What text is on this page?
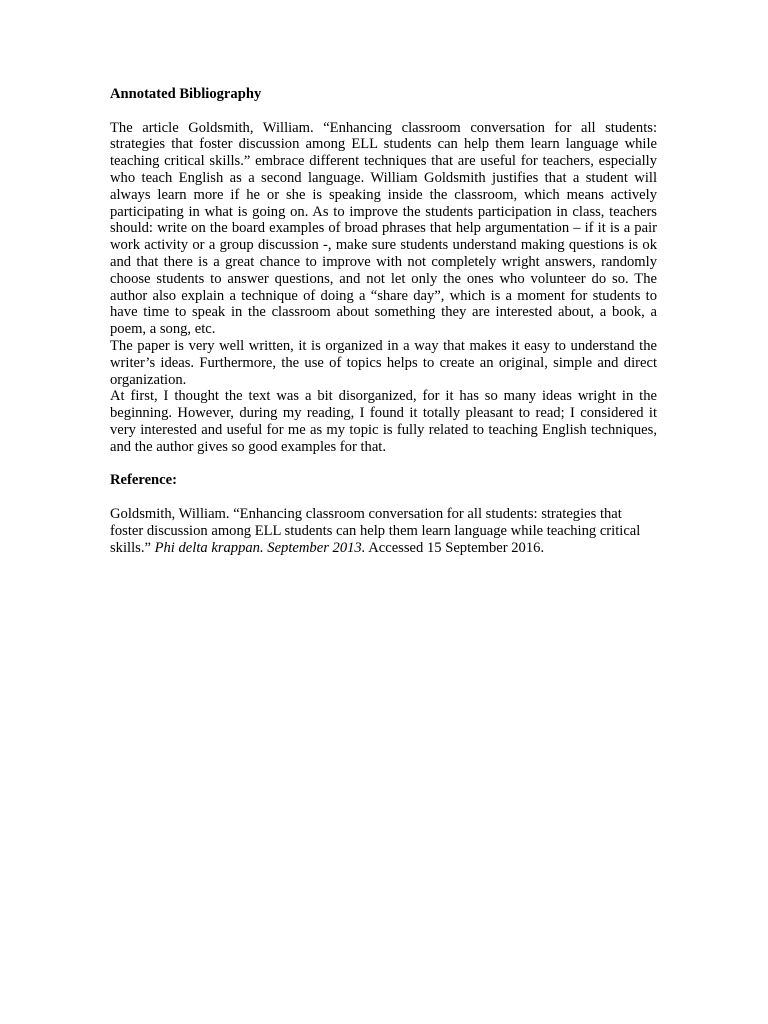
Annotated Bibliography

The article Goldsmith, William. “Enhancing classroom conversation for all students: strategies that foster discussion among ELL students can help them learn language while teaching critical skills.” embrace different techniques that are useful for teachers, especially who teach English as a second language. William Goldsmith justifies that a student will always learn more if he or she is speaking inside the classroom, which means actively participating in what is going on. As to improve the students participation in class, teachers should: write on the board examples of broad phrases that help argumentation – if it is a pair work activity or a group discussion -, make sure students understand making questions is ok and that there is a great chance to improve with not completely wright answers, randomly choose students to answer questions, and not let only the ones who volunteer do so. The author also explain a technique of doing a “share day”, which is a moment for students to have time to speak in the classroom about something they are interested about, a book, a poem, a song, etc.

The paper is very well written, it is organized in a way that makes it easy to understand the writer’s ideas. Furthermore, the use of topics helps to create an original, simple and direct organization.

At first, I thought the text was a bit disorganized, for it has so many ideas wright in the beginning. However, during my reading, I found it totally pleasant to read; I considered it very interested and useful for me as my topic is fully related to teaching English techniques, and the author gives so good examples for that.

Reference:

Goldsmith, William. “Enhancing classroom conversation for all students: strategies that foster discussion among ELL students can help them learn language while teaching critical skills.” Phi delta krappan. September 2013. Accessed 15 September 2016.
